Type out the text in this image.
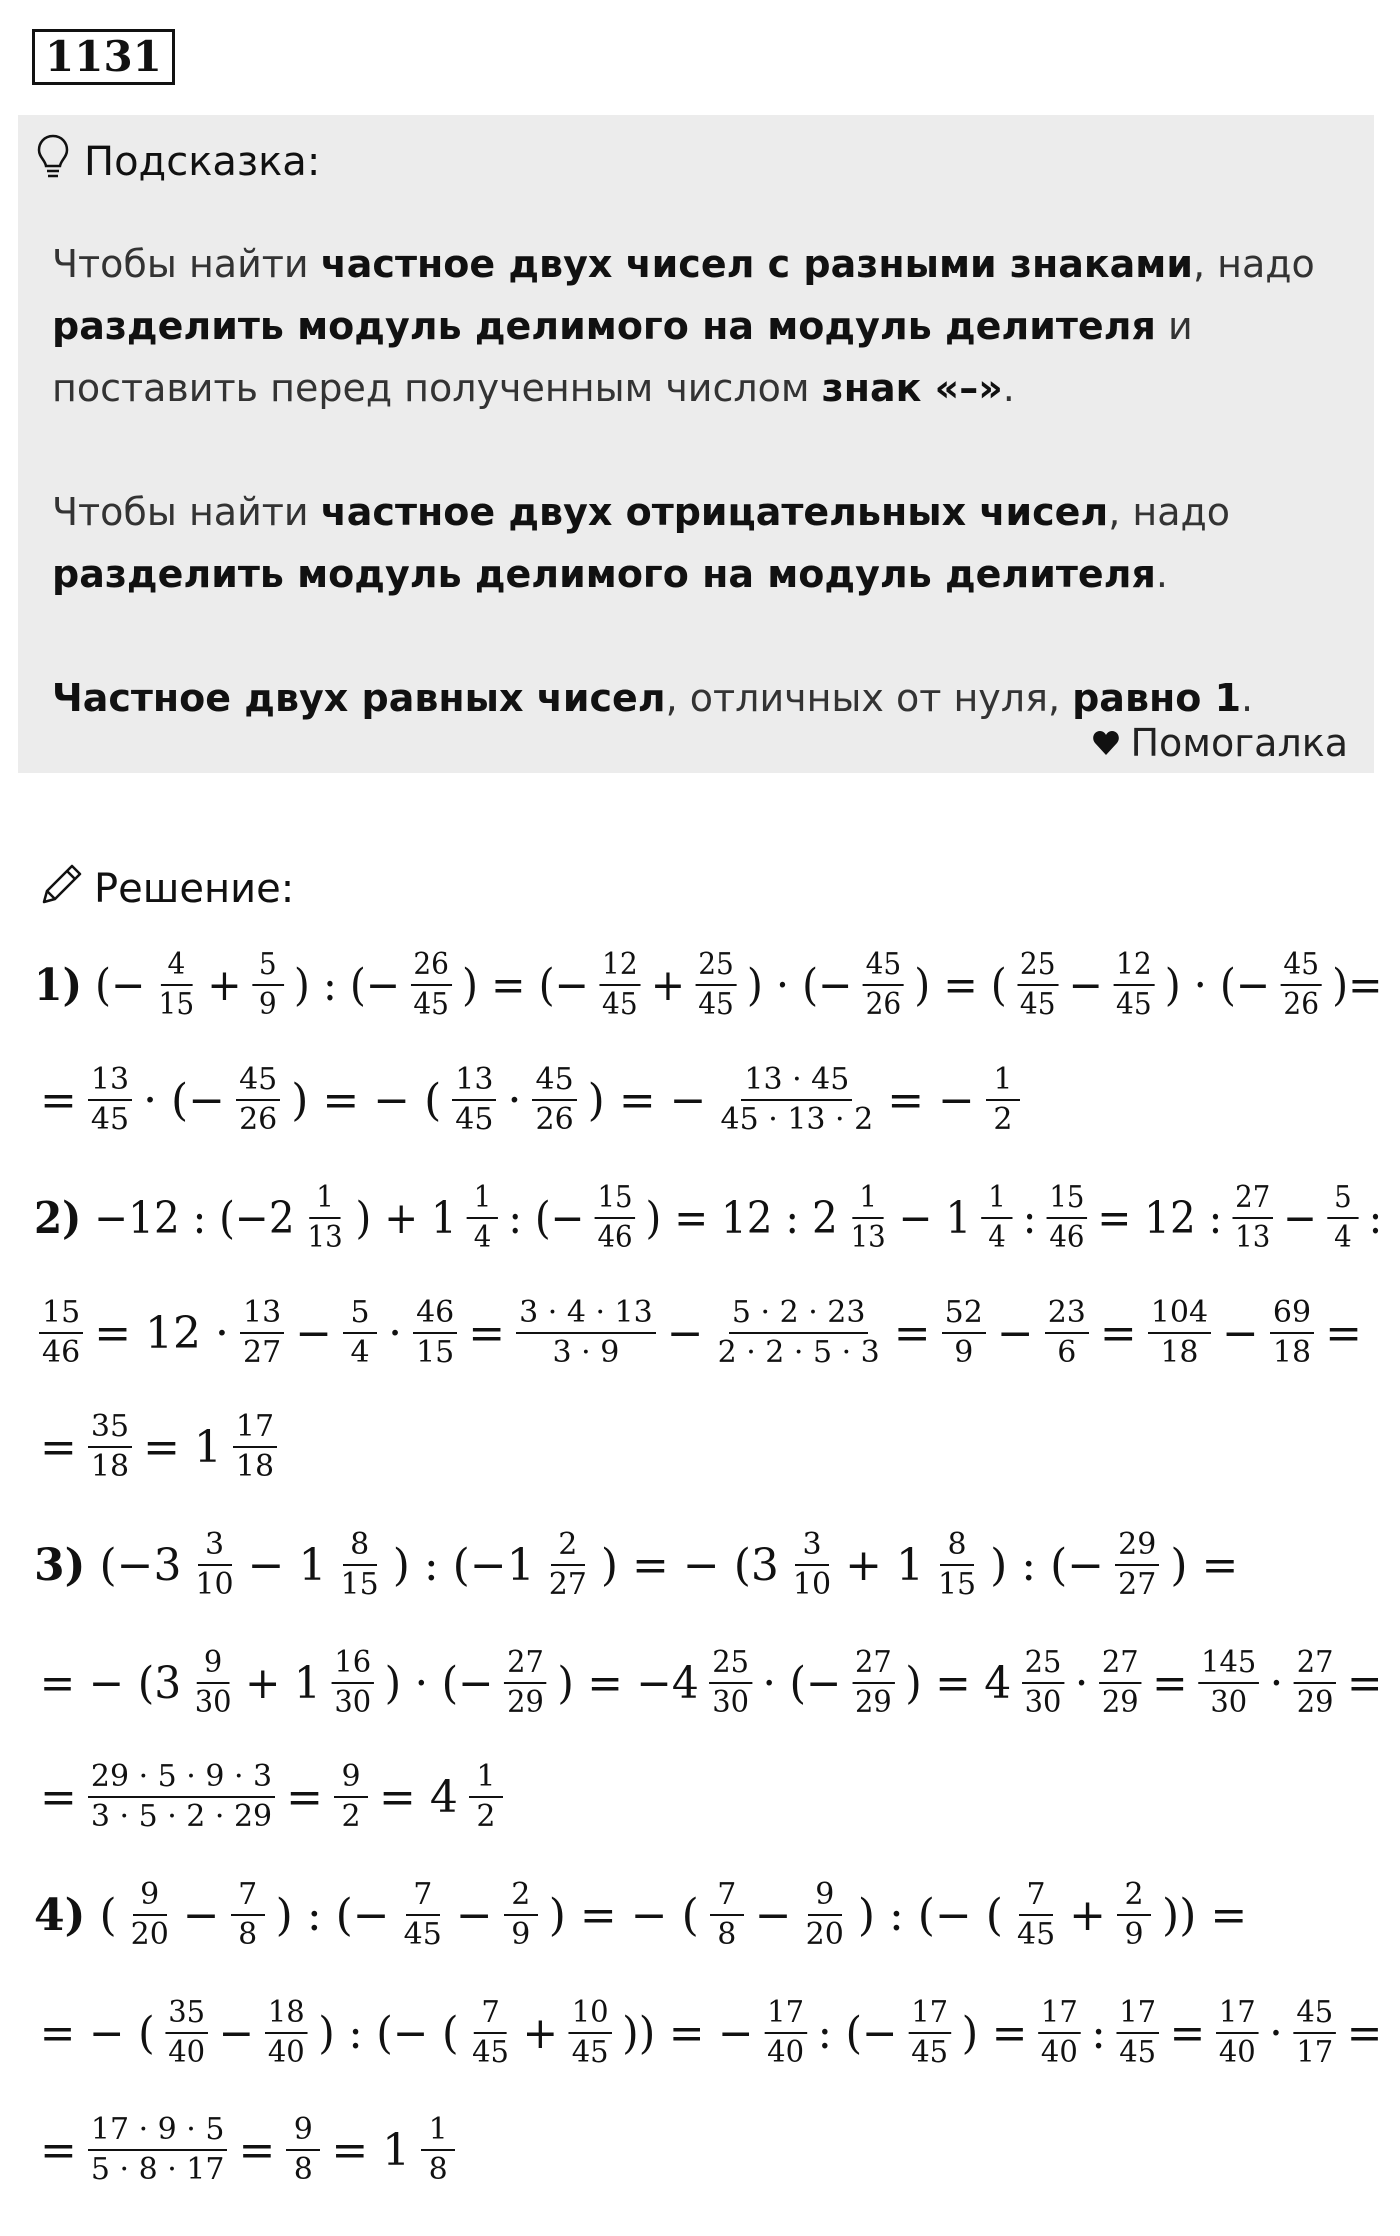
1131
Подсказка:

Чтобы найти частное двух чисел с разными знаками, надо разделить модуль делимого на модуль делителя и поставить перед полученным числом знак «–».

Чтобы найти частное двух отрицательных чисел, надо разделить модуль делимого на модуль делителя.

Частное двух равных чисел, отличных от нуля, равно 1.

Помогалка
Решение:
1) (− $\frac{4}{15} + \frac{5}{9}$ ) : (− $\frac{26}{45}$ ) = (− $\frac{12}{45} + \frac{25}{45}$ ) · (− $\frac{45}{26}$ ) = ( $\frac{25}{45} - \frac{12}{45}$ ) · (− $\frac{45}{26}$ )=
= $\frac{13}{45}$ · (− $\frac{45}{26}$ ) = − ( $\frac{13}{45} \cdot \frac{45}{26}$ ) = − $\frac{13 \cdot 45}{45 \cdot 13 \cdot 2}$ = − $\frac{1}{2}$
2) −12 : ($-2 \frac{1}{13}$ ) + $1 \frac{1}{4}$ : (− $\frac{15}{46}$ ) = 12 : $2 \frac{1}{13} - 1 \frac{1}{4}$ : $\frac{15}{46} = 12$ : $\frac{27}{13} - \frac{5}{4}$ :
$\frac{15}{46} = 12 \cdot \frac{13}{27} - \frac{5}{4} \cdot \frac{46}{15} = \frac{3 \cdot 4 \cdot 13}{3 \cdot 9} - \frac{5 \cdot 2 \cdot 23}{2 \cdot 2 \cdot 5 \cdot 3} = \frac{52}{9} - \frac{23}{6} = \frac{104}{18} - \frac{69}{18}$ =
= $\frac{35}{18} = 1 \frac{17}{18}$
3) ($-3 \frac{3}{10} - 1 \frac{8}{15}$ ) : ($-1 \frac{2}{27}$ ) = − ($3 \frac{3}{10} + 1 \frac{8}{15}$ ) : (− $\frac{29}{27}$ ) =
= − ($3 \frac{9}{30} + 1 \frac{16}{30}$ ) · (− $\frac{27}{29}$ ) = $-4 \frac{25}{30}$ · (− $\frac{27}{29}$ ) = $4 \frac{25}{30} \cdot \frac{27}{29} = \frac{145}{30} \cdot \frac{27}{29}$ =
= $\frac{29 \cdot 5 \cdot 9 \cdot 3}{3 \cdot 5 \cdot 2 \cdot 29} = \frac{9}{2} = 4 \frac{1}{2}$
4) ( $\frac{9}{20} - \frac{7}{8}$ ) : (− $\frac{7}{45} - \frac{2}{9}$ ) = − ( $\frac{7}{8} - \frac{9}{20}$ ) : (− ( $\frac{7}{45} + \frac{2}{9}$ )) =
= − ( $\frac{35}{40} - \frac{18}{40}$ ) : (− ( $\frac{7}{45} + \frac{10}{45}$ )) = − $\frac{17}{40}$ : (− $\frac{17}{45}$ ) = $\frac{17}{40}$ : $\frac{17}{45} = \frac{17}{40} \cdot \frac{45}{17}$ =
= $\frac{17 \cdot 9 \cdot 5}{5 \cdot 8 \cdot 17} = \frac{9}{8} = 1 \frac{1}{8}$
